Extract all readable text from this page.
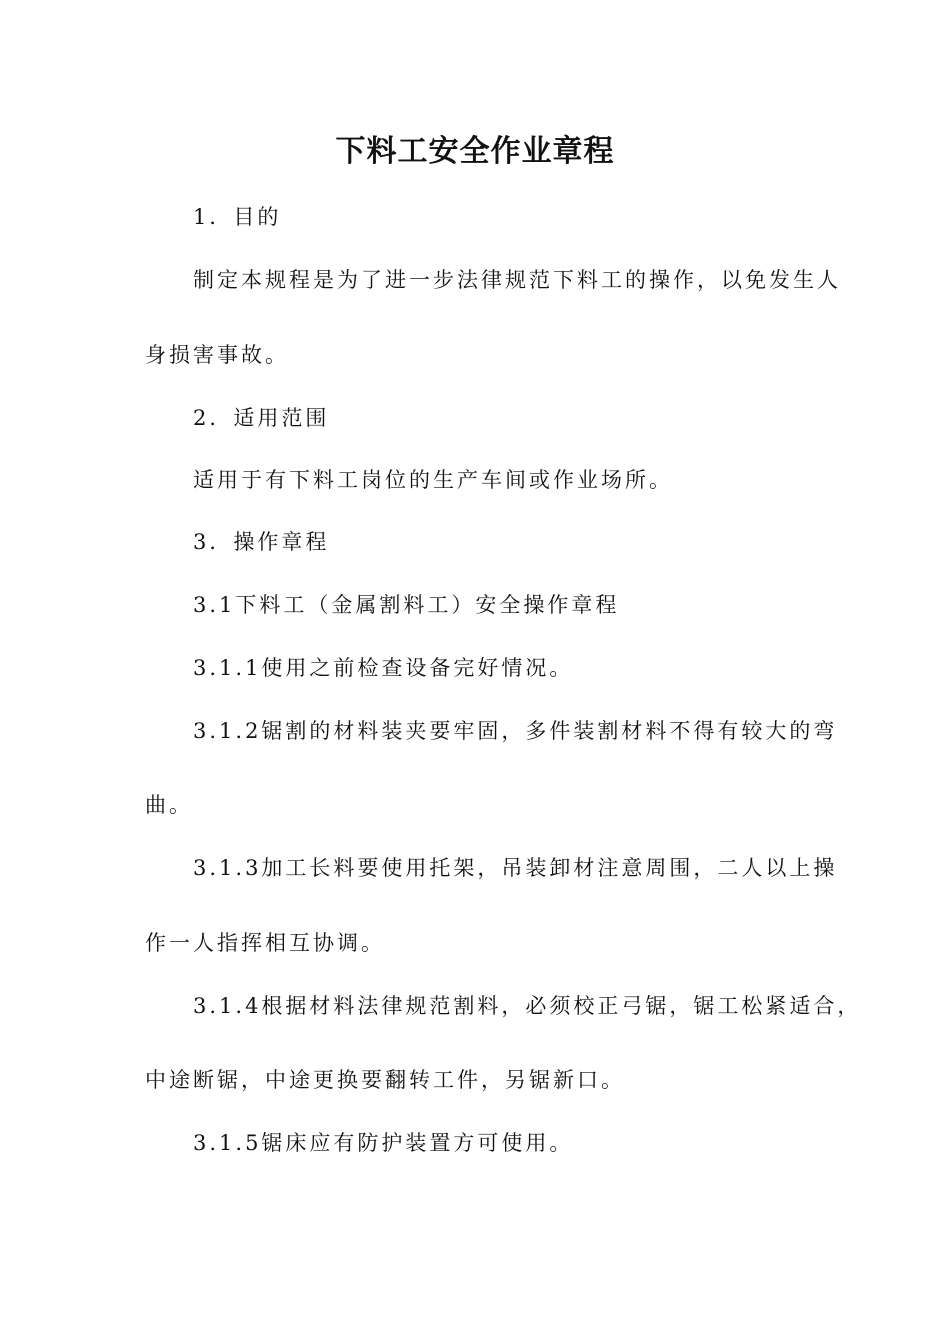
下料工安全作业章程
1．目的
制定本规程是为了进一步法律规范下料工的操作，以免发生人
身损害事故。
2．适用范围
适用于有下料工岗位的生产车间或作业场所。
3．操作章程
3.1下料工（金属割料工）安全操作章程
3.1.1使用之前检查设备完好情况。
3.1.2锯割的材料装夹要牢固，多件装割材料不得有较大的弯
曲。
3.1.3加工长料要使用托架，吊装卸材注意周围，二人以上操
作一人指挥相互协调。
3.1.4根据材料法律规范割料，必须校正弓锯，锯工松紧适合，
中途断锯，中途更换要翻转工件，另锯新口。
3.1.5锯床应有防护装置方可使用。
